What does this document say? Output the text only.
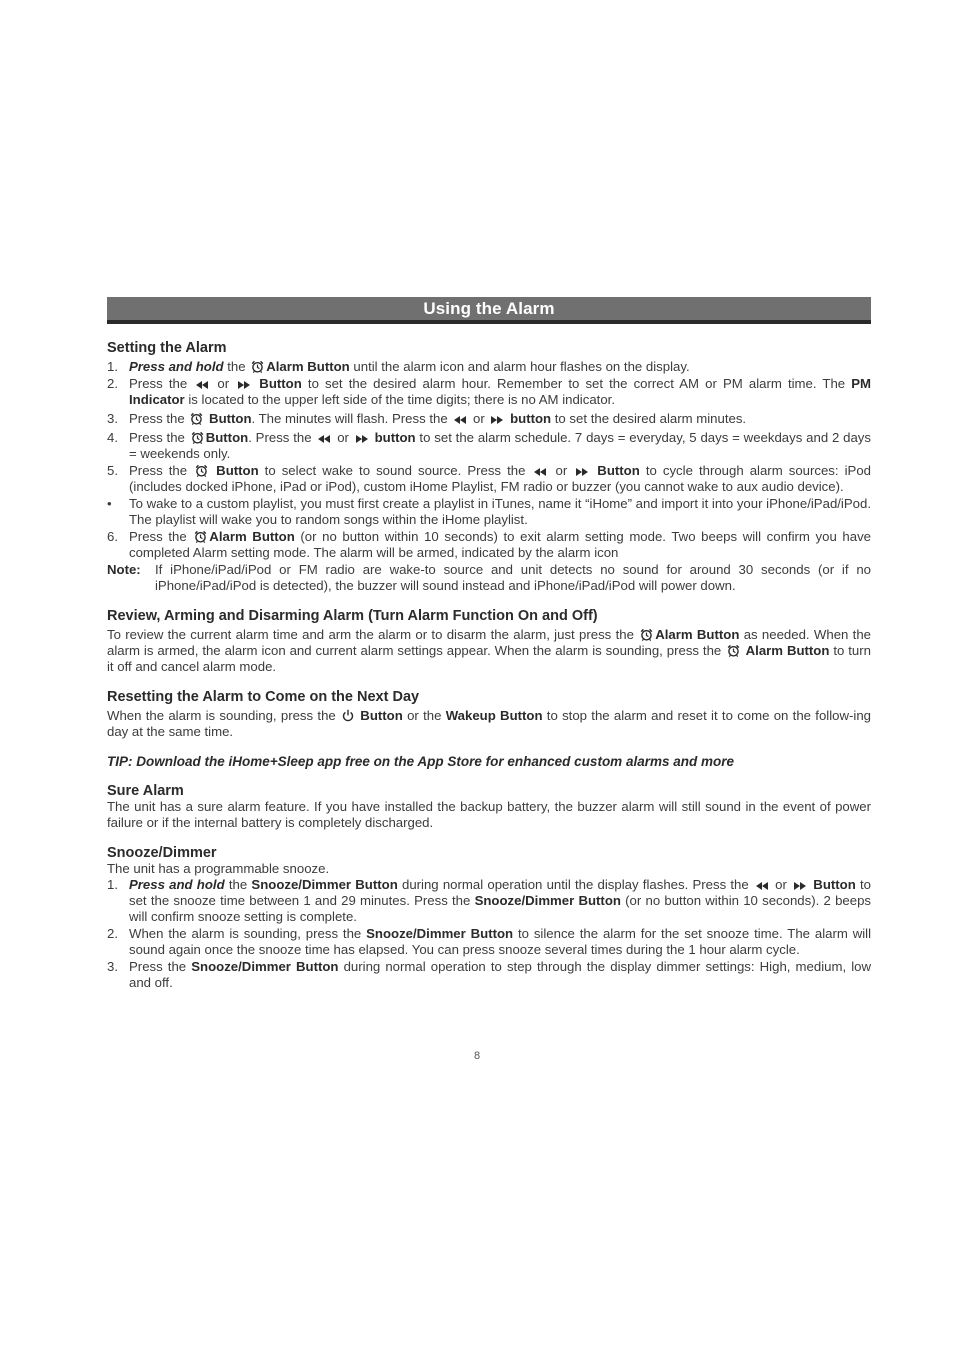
Using the Alarm
Setting the Alarm
1. Press and hold the Alarm Button until the alarm icon and alarm hour flashes on the display.
2. Press the  or  Button to set the desired alarm hour. Remember to set the correct AM or PM alarm time. The PM Indicator is located to the upper left side of the time digits; there is no AM indicator.
3. Press the  Button. The minutes will flash. Press the  or  button to set the desired alarm minutes.
4. Press the Button. Press the  or  button to set the alarm schedule. 7 days = everyday, 5 days = weekdays and 2 days = weekends only.
5. Press the  Button to select wake to sound source. Press the  or  Button to cycle through alarm sources: iPod (includes docked iPhone, iPad or iPod), custom iHome Playlist, FM radio or buzzer (you cannot wake to aux audio device).
• To wake to a custom playlist, you must first create a playlist in iTunes, name it “iHome” and import it into your iPhone/iPad/iPod. The playlist will wake you to random songs within the iHome playlist.
6. Press the Alarm Button (or no button within 10 seconds) to exit alarm setting mode. Two beeps will confirm you have completed Alarm setting mode. The alarm will be armed, indicated by the alarm icon
Note: If iPhone/iPad/iPod or FM radio are wake-to source and unit detects no sound for around 30 seconds (or if no iPhone/iPad/iPod is detected), the buzzer will sound instead and iPhone/iPad/iPod will power down.
Review, Arming and Disarming Alarm (Turn Alarm Function On and Off)

To review the current alarm time and arm the alarm or to disarm the alarm, just press the Alarm Button as needed. When the alarm is armed, the alarm icon and current alarm settings appear. When the alarm is sounding, press the  Alarm Button to turn it off and cancel alarm mode.

Resetting the Alarm to Come on the Next Day

When the alarm is sounding, press the  Button or the Wakeup Button to stop the alarm and reset it to come on the follow-ing day at the same time.

TIP: Download the iHome+Sleep app free on the App Store for enhanced custom alarms and more
Sure Alarm

The unit has a sure alarm feature. If you have installed the backup battery, the buzzer alarm will still sound in the event of power failure or if the internal battery is completely discharged.

Snooze/Dimmer

The unit has a programmable snooze.

1. Press and hold the Snooze/Dimmer Button during normal operation until the display flashes. Press the  or  Button to set the snooze time between 1 and 29 minutes. Press the Snooze/Dimmer Button (or no button within 10 seconds). 2 beeps will confirm snooze setting is complete.
2. When the alarm is sounding, press the Snooze/Dimmer Button to silence the alarm for the set snooze time. The alarm will sound again once the snooze time has elapsed. You can press snooze several times during the 1 hour alarm cycle.
3. Press the Snooze/Dimmer Button during normal operation to step through the display dimmer settings: High, medium, low and off.
8
